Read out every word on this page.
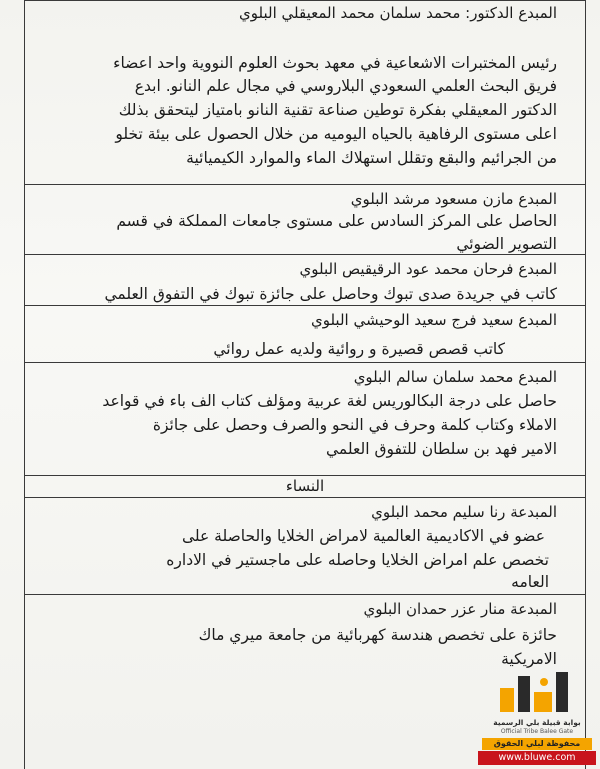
المبدع الدكتور: محمد سلمان محمد المعيقلي البلوي
رئيس المختبرات الاشعاعية في معهد بحوث العلوم النووية واحد اعضاء
فريق البحث العلمي السعودي البلاروسي في مجال علم النانو. ابدع
الدكتور المعيقلي بفكرة توطين صناعة تقنية النانو بامتياز ليتحقق بذلك
اعلى مستوى الرفاهية بالحياه اليوميه من خلال الحصول على بيئة تخلو
من الجرائيم والبقع وتقلل استهلاك الماء والموارد الكيميائية
المبدع مازن مسعود مرشد البلوي
الحاصل على المركز السادس على مستوى جامعات المملكة في قسم
التصوير الضوئي
المبدع فرحان محمد عود الرقيقيص البلوي
كاتب في جريدة صدى تبوك وحاصل على جائزة تبوك في التفوق العلمي
المبدع سعيد فرج سعيد الوحيشي البلوي
كاتب قصص قصيرة و روائية ولديه عمل روائي
المبدع محمد سلمان سالم البلوي
حاصل على درجة البكالوريس لغة عربية ومؤلف كتاب الف باء في قواعد
الاملاء وكتاب كلمة وحرف في النحو والصرف وحصل على جائزة
الامير فهد بن سلطان للتفوق العلمي
النساء
المبدعة رنا سليم محمد البلوي
عضو في الاكاديمية العالمية لامراض الخلايا والحاصلة على
تخصص علم امراض الخلايا وحاصله على ماجستير في الاداره
العامه
المبدعة منار عزر حمدان البلوي
حائزة على تخصص هندسة كهربائية من جامعة ميري ماك
الامريكية
بوابة قبيلة بلي الرسمية
Official Tribe Balee Gate
محفوظة لبلي الحقوق
www.bluwe.com
